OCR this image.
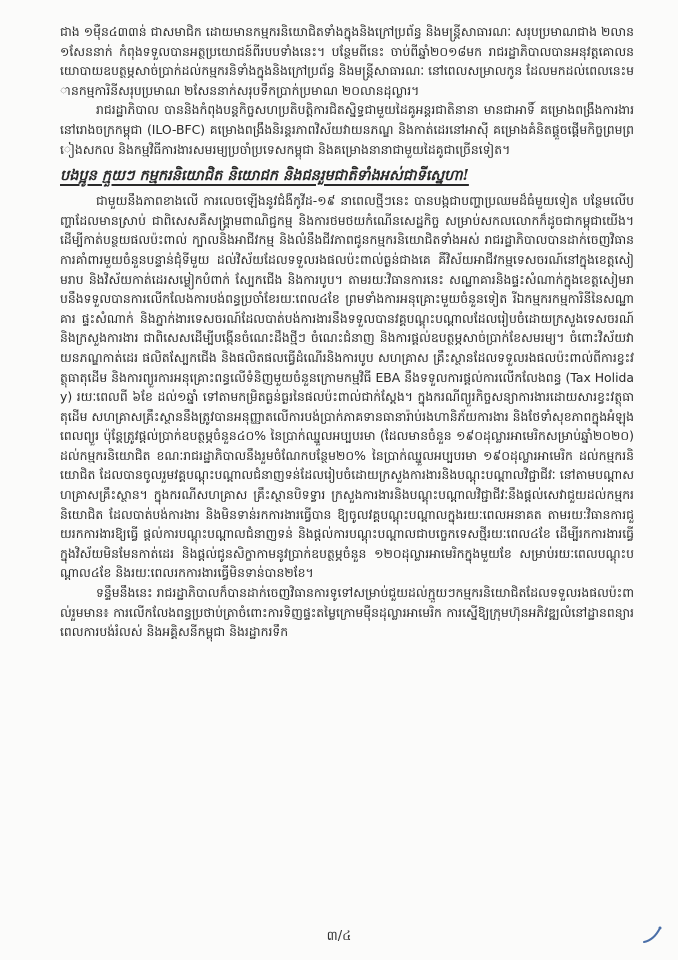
ជាង ១ម៉ឺន៤៣៣ន់ ជាសមាជិក ដោយមានកម្មករនិយោជិតទាំងក្នុងនិងក្រៅប្រព័ន្ធ និងមន្ត្រីសាធារណៈ សរុបប្រមាណជាង ២លាន១សែននាក់ កំពុងទទួលបានអត្ថប្រយោជន៍ពីរបបទាំងនេះ។ បន្ថែមពីនេះ ចាប់ពីឆ្នាំ២០១៨មក រាជរដ្ឋាភិបាលបានអនុវត្តគោលនយោបាយឧបត្ថម្ភសាច់ប្រាក់ដល់កម្មករនិទាំងក្នុងនិងក្រៅប្រព័ន្ធ និងមន្ត្រីសាធារណៈ នៅពេលសម្រាលកូន ដែលមកដល់ពេលនេះមានកម្មការិនីសរុបប្រមាណ ២សែននាក់សរុបទឹកប្រាក់ប្រមាណ ២០លានដុល្លារ។

រាជរដ្ឋាភិបាល បាននិងកំពុងបន្តកិច្ចសហប្រតិបត្តិការជិតស្និទ្ធជាមួយដៃគូអន្តរជាតិនានា មានជាអាទិ៍ គម្រោងពង្រឹងការងារនៅរោងចក្រកម្ពុជា (ILO-BFC) គម្រោងពង្រឹងនិរន្តរភាពវិស័យវាយនភណ្ឌ និងកាត់ដេរនៅអាស៊ី គម្រោងគំនិតផ្តួចផ្តើមកិច្ចព្រមព្រៀងសកល និងកម្មវិធីការងារសមរម្យប្រចាំប្រទេសកម្ពុជា និងគម្រោងនានាជាមួយដៃគូជាច្រើនទៀត។

បងប្អូន ក្មួយៗ កម្មករនិយោជិត និយោជក និងជនរួមជាតិទាំងអស់ជាទីស្នេហា!

ជាមួយនឹងភាពខាងលើ ការលេចឡើងនូវជំងឺកូវីដ-១៩ នាពេលថ្មីៗនេះ បានបង្កជាបញ្ហាប្រឈមដ៏ធំមួយទៀត បន្ថែមលើបញ្ហាដែលមានស្រាប់ ជាពិសេសគឺសង្គ្រាមពាណិជ្ជកម្ម និងការថមថយកំណើនសេដ្ឋកិច្ច សម្រាប់សកលលោកក៏ដូចជាកម្ពុជាយើង។ ដើម្បីកាត់បន្ថយផលប៉ះពាល់ ក្បាលនិងអាជីវកម្ម និងលំនឹងជីវភាពជូនកម្មករនិយោជិតទាំងអស់ រាជរដ្ឋាភិបាលបានដាក់ចេញវិធានការគាំពារមួយចំនួនបន្ទាន់ជុំទីមួយ ដល់វិស័យដែលទទួលរងផលប៉ះពាល់ធ្ងន់ជាងគេ គឺវិស័យអាជីវកម្មទេសចរណ៍នៅក្នុងខេត្តសៀមរាប និងវិស័យកាត់ដេរសម្លៀកបំពាក់ ស្បែកជើង និងការបូប។ តាមរយៈវិធានការនេះ សណ្ឋាគារនិងផ្ទះសំណាក់ក្នុងខេត្តសៀមរាបនឹងទទួលបានការលើកលែងការបង់ពន្ធប្រចាំខែរយៈពេល៤ខែ ព្រមទាំងការអនុគ្រោះមួយចំនួនទៀត រីឯកម្មករកម្មការិនីនៃសណ្ឋាគារ ផ្ទះសំណាក់ និងភ្នាក់ងារទេសចរណ៍ដែលបាត់បង់ការងារនឹងទទួលបានវគ្គបណ្តុះបណ្តាលដែលរៀបចំដោយក្រសួងទេសចរណ៍ និងក្រសួងការងារ ជាពិសេសដើម្បីបង្កើនចំណេះដឹងថ្មីៗ ចំណេះជំនាញ និងការផ្តល់ឧបត្ថម្ភសាច់ប្រាក់ខែសមរម្យ។ ចំពោះវិស័យវាយនភណ្ឌកាត់ដេរ ផលិតស្បែកជើង និងផលិតផលធ្វើដំណើរនិងការបូប សហគ្រាស គ្រឹះស្ថានដែលទទួលរងផលប៉ះពាល់ពីការខ្វះវត្ថុធាតុដើម និងការព្យួរការអនុគ្រោះពន្ធលើទំនិញមួយចំនួនក្រោមកម្មវិធី EBA នឹងទទួលការផ្តល់ការលើកលែងពន្ធ (Tax Holiday) រយៈពេលពី ៦ខែ ដល់១ឆ្នាំ ទៅតាមកម្រិតធ្ងន់ធ្ងរនៃផលប៉ះពាល់ជាក់ស្តែង។ ក្នុងករណីព្យួរកិច្ចសន្យាការងារដោយសារខ្វះវត្ថុធាតុដើម សហគ្រាសគ្រឹះស្ថាននឹងត្រូវបានអនុញ្ញាតលើការបង់ប្រាក់ភាគទានធានារ៉ាប់រងហានិភ័យការងារ និងថែទាំសុខភាពក្នុងអំឡុងពេលព្យួរ ប៉ុន្តែត្រូវផ្តល់ប្រាក់ឧបត្ថម្ភចំនួន៤០% នៃប្រាក់ឈ្នួលអប្បបរមា (ដែលមានចំនួន ១៩០ដុល្លារអាមេរិកសម្រាប់ឆ្នាំ២០២០) ដល់កម្មករនិយោជិត ខណៈរាជរដ្ឋាភិបាលនឹងរួមចំណែកបន្ថែម២០% នៃប្រាក់ឈ្នួលអប្បបរមា ១៩០ដុល្លារអាមេរិក ដល់កម្មករនិយោជិត ដែលបានចូលរួមវគ្គបណ្តុះបណ្តាលជំនាញទន់ដែលរៀបចំដោយក្រសួងការងារនិងបណ្តុះបណ្តាលវិជ្ជាជីវៈ នៅតាមបណ្តាសហគ្រាសគ្រឹះស្ថាន។ ក្នុងករណីសហគ្រាស គ្រឹះស្ថានបិទទ្វារ ក្រសួងការងារនិងបណ្តុះបណ្តាលវិជ្ជាជីវៈនឹងផ្តល់សេវាជួយដល់កម្មករនិយោជិត ដែលបាត់បង់ការងារ និងមិនទាន់រកការងារធ្វើបាន ឱ្យចូលវគ្គបណ្តុះបណ្តាលក្នុងរយៈពេលអនាគត តាមរយៈវិធានការជួយរកការងារឱ្យធ្វើ ផ្តល់ការបណ្តុះបណ្តាលជំនាញទន់ និងផ្តល់ការបណ្តុះបណ្តាលជាបច្ចេកទេសថ្មីរយៈពេល៤ខែ ដើម្បីរកការងារធ្វើក្នុងវិស័យមិនមែនកាត់ដេរ និងផ្តល់ជូនសិក្ខាកាមនូវប្រាក់ឧបត្ថម្ភចំនួន ១២០ដុល្លារអាមេរិកក្នុងមួយខែ សម្រាប់រយៈពេលបណ្តុះបណ្តាល៤ខែ និងរយៈពេលរកការងារធ្វើមិនទាន់បាន២ខែ។

ទន្ទឹមនឹងនេះ រាជរដ្ឋាភិបាលក៏បានដាក់ចេញវិធានការទូទៅសម្រាប់ជួយដល់ក្មួយៗកម្មករនិយោជិតដែលទទួលរងផលប៉ះពាល់រួមមាន៖ ការលើកលែងពន្ធប្រថាប់ត្រាចំពោះការទិញផ្ទះតម្លៃក្រោមម៉ឺនដុល្លារអាមេរិក ការស្នើឱ្យក្រុមហ៊ុនអភិវឌ្ឍលំនៅដ្ឋានពន្យារពេលការបង់រំលស់ និងអគ្គិសនីកម្ពុជា និងរដ្ឋាករទឹក

៣/៤
